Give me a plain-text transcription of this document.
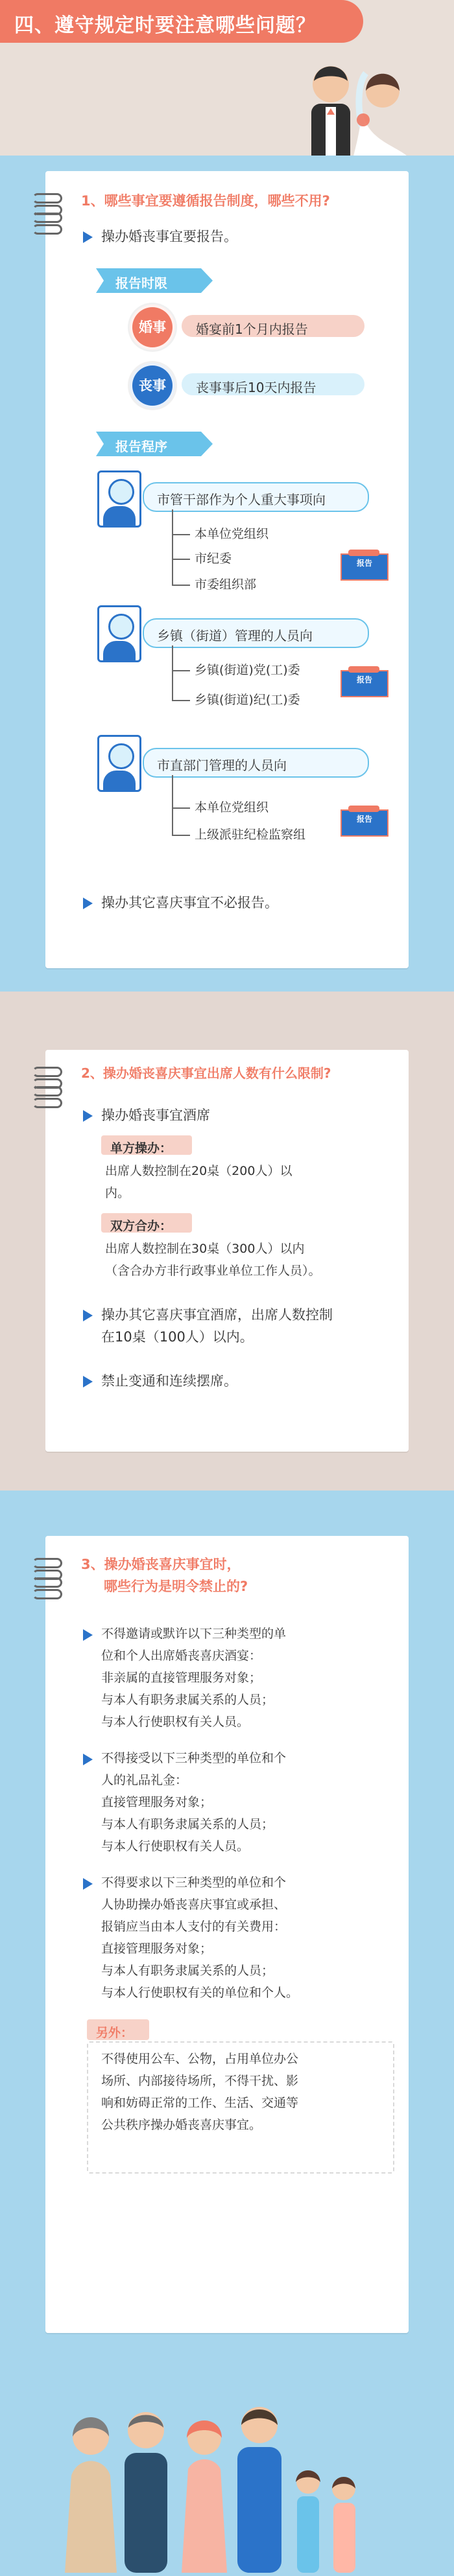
四、遵守规定时要注意哪些问题？
1、哪些事宜要遵循报告制度，哪些不用?
操办婚丧事宜要报告。
报告时限
婚事	婚宴前1个月内报告
丧事	丧事事后10天内报告
报告程序
市管干部作为个人重大事项向
本单位党组织
市纪委
市委组织部
报告
乡镇（街道）管理的人员向
乡镇(街道)党(工)委
乡镇(街道)纪(工)委
报告
市直部门管理的人员向
本单位党组织
上级派驻纪检监察组
报告
操办其它喜庆事宜不必报告。
2、操办婚丧喜庆事宜出席人数有什么限制?
操办婚丧事宜酒席
单方操办：
出席人数控制在20桌（200人）以
内。
双方合办：
出席人数控制在30桌（300人）以内
（含合办方非行政事业单位工作人员）。
操办其它喜庆事宜酒席，出席人数控制
在10桌（100人）以内。
禁止变通和连续摆席。
3、操办婚丧喜庆事宜时，
哪些行为是明令禁止的?
不得邀请或默许以下三种类型的单
位和个人出席婚丧喜庆酒宴：
非亲属的直接管理服务对象；
与本人有职务隶属关系的人员；
与本人行使职权有关人员。
不得接受以下三种类型的单位和个
人的礼品礼金：
直接管理服务对象；
与本人有职务隶属关系的人员；
与本人行使职权有关人员。
不得要求以下三种类型的单位和个
人协助操办婚丧喜庆事宜或承担、
报销应当由本人支付的有关费用：
直接管理服务对象；
与本人有职务隶属关系的人员；
与本人行使职权有关的单位和个人。
另外：
不得使用公车、公物，占用单位办公
场所、内部接待场所，不得干扰、影
响和妨碍正常的工作、生活、交通等
公共秩序操办婚丧喜庆事宜。
